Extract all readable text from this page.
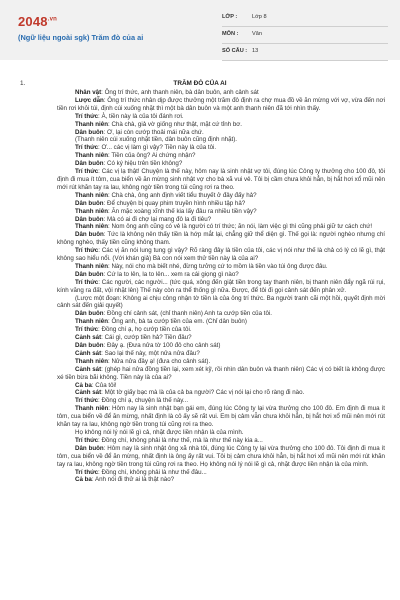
$2048^{.vn}$
(Ngữ liệu ngoài sgk) Trăm đò của ai
LỚP :	Lớp 8
MÔN : Văn
SỐ CÂU : 13
1.	TRĂM ĐÒ CỦA AI

Nhân vật: Ông trí thức, anh thanh niên, bà dân buôn, anh cảnh sát

Lược dẫn: Ông trí thức nhân dịp được thưởng một trăm đô định ra chợ mua đồ về ăn mừng với vợ, vừa đến nơi tiền rơi khỏi túi, định cúi xuống nhặt thì một bà dân buôn và một anh thanh niên đã tới nhìn thấy.

Trí thức: À, tiền này là của tôi đánh rơi.

Thanh niên: Chà chà, giả vờ giống như thật, mặt cứ tỉnh bơ.

Dân buôn: Ơ, lại còn cướp thoải mái nữa chứ.

(Thanh niên cúi xuống nhặt tiền, dân buôn cũng định nhặt).

Trí thức: Ơ... các vị làm gì vậy? Tiền này là của tôi.

Thanh niên: Tiền của ông? Ai chứng nhận?

Dân buôn: Có ký hiệu trên tiền không?

Trí thức: Các vị lạ thật! Chuyện là thế này, hôm nay là sinh nhật vợ tôi, đúng lúc Công ty thưởng cho 100 đô, tôi định đi mua ít tôm, cua biển về ăn mừng sinh nhật vợ cho bà xã vui vẻ. Tôi bị cầm chưa khỏi hẳn, bị hắt hơi xổ mũi nên mới rút khăn tay ra lau, không ngờ tiền trong túi cũng rơi ra theo.

Thanh niên: Chà chà, ông anh định viết tiểu thuyết ở đây đấy hả?

Dân buôn: Để chuyện bị quay phim truyền hình nhiều tập hả?

Thanh niên: Ăn mặc xoàng xĩnh thế kia lấy đâu ra nhiều tiền vậy?

Dân buôn: Mà có ai đi chợ lại mang đô la đi tiêu?

Thanh niên: Nom ông anh cũng có vẻ là người có trí thức; ăn nói, làm việc gì thì cũng phải giữ tư cách chứ!

Dân buôn: Tức là không nên thấy tiền là hớp mắt lại, chẳng giữ thể diện gì. Thế gọi là: người nghèo nhưng chí không nghèo, thấy tiền cũng không tham.

Trí thức: Các vị ăn nói lung tung gì vậy? Rõ ràng đây là tiền của tôi, các vị nói như thế là chả có lý có lẽ gì, thật không sao hiểu nổi. (Với khán giả) Bà con nói xem thử tiền này là của ai?

Thanh niên: Này, nói cho mà biết nhé, đừng tưởng cứ to mồm là tiền vào túi ông được đâu.

Dân buôn: Cứ la to lên, la to lên... xem ra cái giọng gì nào?

Trí thức: Các người, các người... (tức quá, xông đến giật tiền trong tay thanh niên, bị thanh niên đẩy ngã rúi rụi, kính văng ra đất, vội nhặt lên) Thế này còn ra thể thống gì nữa. Được, để tôi đi gọi cảnh sát đến phân xử.

(Lược một đoạn: Không ai chịu công nhận tờ tiền là của ông trí thức. Ba người tranh cãi một hồi, quyết định mời cảnh sát đến giải quyết)

Dân buôn: Đồng chí cảnh sát, (chỉ thanh niên) Anh ta cướp tiền của tôi.

Thanh niên: Ông anh, bà ta cướp tiền của em. (Chỉ dân buôn)

Trí thức: Đồng chí ạ, họ cướp tiền của tôi.

Cảnh sát: Cái gì, cướp tiền hả? Tiền đâu?

Dân buôn: Đây ạ. (Đưa nửa tờ 100 đô cho cảnh sát)

Cảnh sát: Sao lại thế này, một nửa nửa đâu?

Thanh niên: Nửa nửa đây ạ! (đưa cho cảnh sát).

Cảnh sát: (ghép hai nửa đồng tiền lại, xem xét kỹ, rồi nhìn dân buôn và thanh niên) Các vị có biết là không được xé tiền bừa bãi không. Tiền này là của ai?

Cả ba: Của tôi!

Cảnh sát: Một tờ giấy bạc mà là của cả ba người? Các vị nói lại cho rõ ràng đi nào.

Trí thức: Đồng chí ạ, chuyện là thế này...

Thanh niên: Hôm nay là sinh nhật bạn gái em, đúng lúc Công ty lại vừa thưởng cho 100 đô. Em định đi mua ít tôm, cua biển về để ăn mừng, nhất định là cô ấy sẽ rất vui. Em bị cảm vẫn chưa khỏi hẳn, bị hắt hơi xổ mũi nên mới rút khăn tay ra lau, không ngờ tiền trong túi cũng rơi ra theo.

Họ không nói lý nói lẽ gì cả, nhặt được liền nhận là của mình.

Trí thức: Đồng chí, không phải là như thế, mà là như thế này kia a...

Dân buôn: Hôm nay là sinh nhật ông xã nhà tôi, đúng lúc Công ty lại vừa thưởng cho 100 đô. Tôi định đi mua ít tôm, cua biển về để ăn mừng, nhất định là ông ấy rất vui. Tôi bị cảm chưa khỏi hẳn, bị hắt hơi xổ mũi nên mới rút khăn tay ra lau, không ngờ tiền trong túi cũng rơi ra theo. Họ không nói lý nói lẽ gì cả, nhặt được liền nhận là của mình.

Trí thức: Đồng chí, không phải là như thế đâu...

Cả ba: Anh nói đi thử ai là thật nào?
